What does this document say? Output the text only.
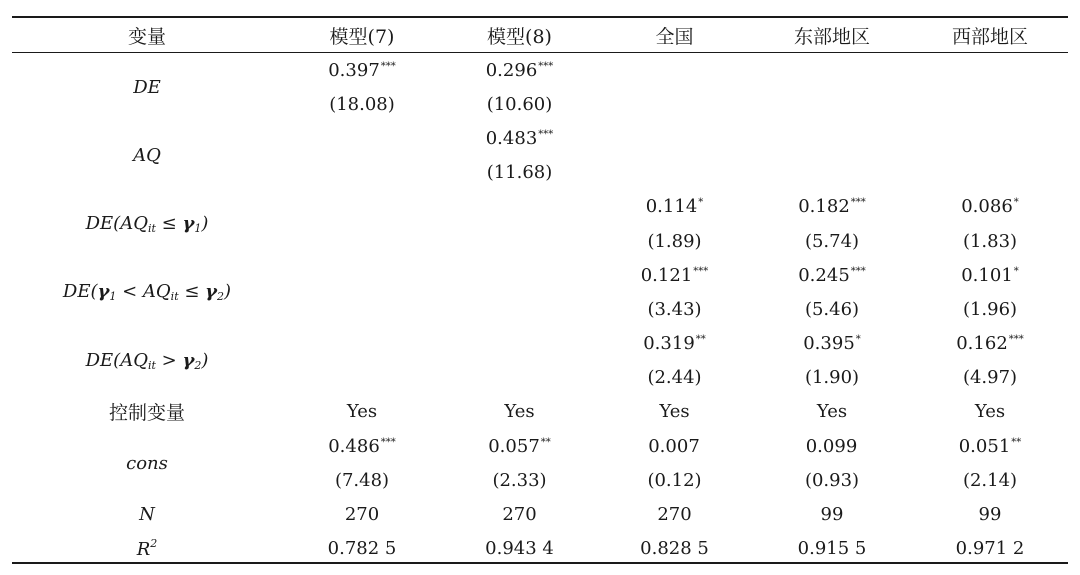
变量	模型(7)	模型(8)	全国	东部地区	西部地区
DE	0.397***	0.296***			
	(18.08)	(10.60)			
AQ		0.483***			
		(11.68)			
$DE(AQ_{it} \le \gamma_1)$			0.114*	0.182***	0.086*
			(1.89)	(5.74)	(1.83)
$DE(\gamma_1 < AQ_{it} \le \gamma_2)$			0.121***	0.245***	0.101*
			(3.43)	(5.46)	(1.96)
$DE(AQ_{it} > \gamma_2)$			0.319**	0.395*	0.162***
			(2.44)	(1.90)	(4.97)
控制变量	Yes	Yes	Yes	Yes	Yes
cons	0.486***	0.057**	0.007	0.099	0.051**
	(7.48)	(2.33)	(0.12)	(0.93)	(2.14)
N	270	270	270	99	99
$R^2$	0.782 5	0.943 4	0.828 5	0.915 5	0.971 2
